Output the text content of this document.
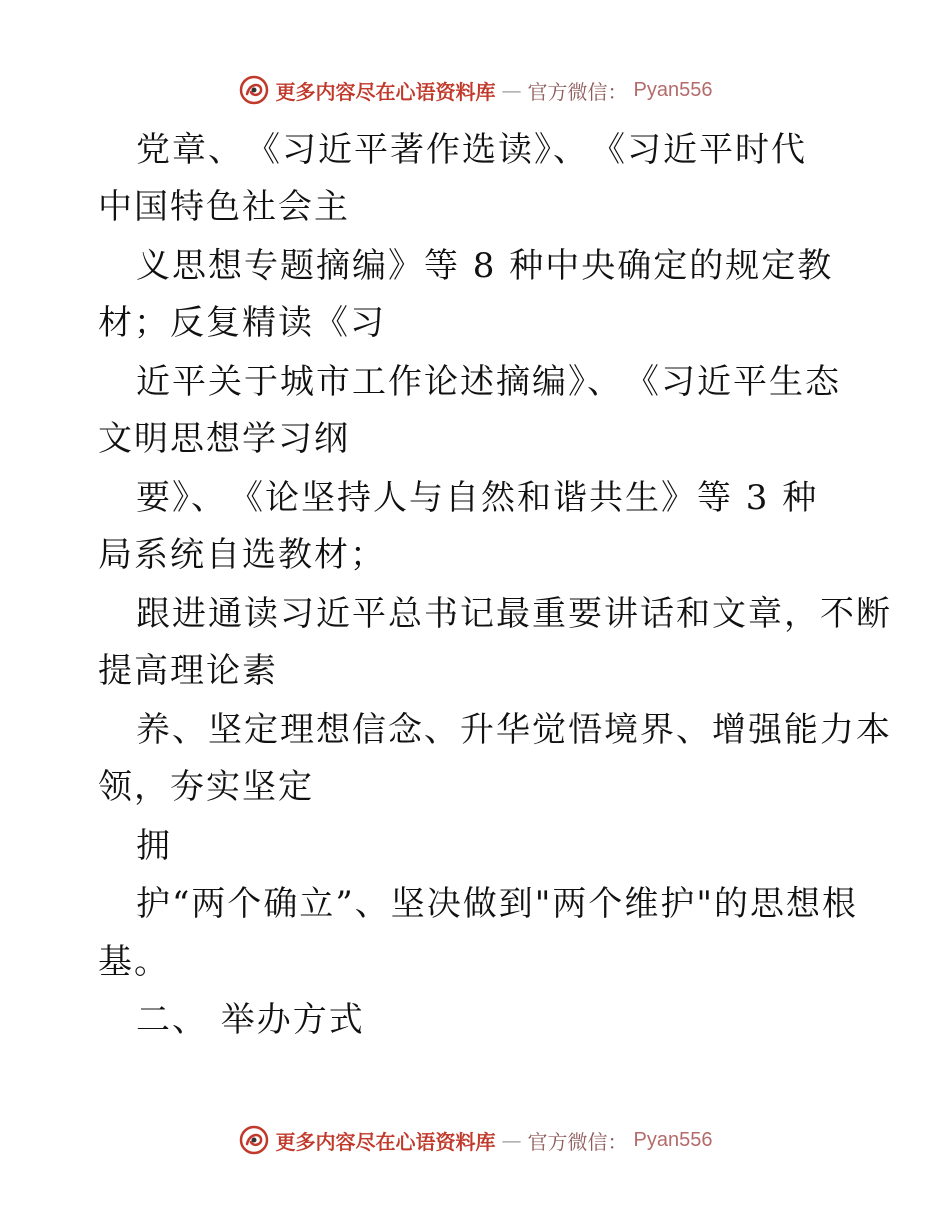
更多内容尽在心语资料库 — 官方微信： Pyan556
党章、　《习近平著作选读》、　《习近平时代
中国特色社会主
义思想专题摘编》等 8 种中央确定的规定教
材；反复精读《习
近平关于城市工作论述摘编》、　《习近平生态
文明思想学习纲
要》、　《论坚持人与自然和谐共生》等 3 种
局系统自选教材；
跟进通读习近平总书记最重要讲话和文章，不断
提高理论素
养、坚定理想信念、升华觉悟境界、增强能力本
领，夯实坚定
拥
护“两个确立”、坚决做到"两个维护"的思想根
基。
二、 举办方式
更多内容尽在心语资料库 — 官方微信： Pyan556
